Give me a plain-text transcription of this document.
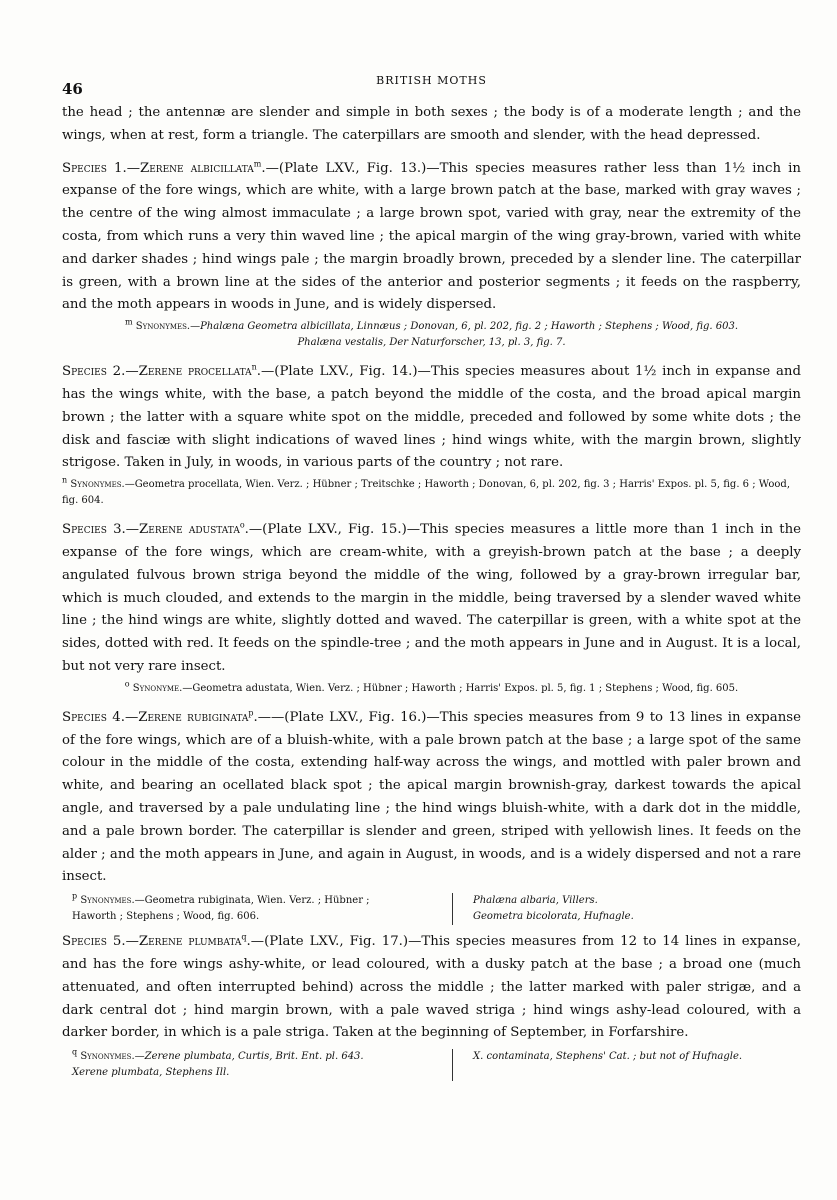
46	BRITISH MOTHS

the head ; the antennæ are slender and simple in both sexes ; the body is of a moderate length ; and the wings, when at rest, form a triangle. The caterpillars are smooth and slender, with the head depressed.

Species 1.—Zerene albicillata$^m$.—(Plate LXV., Fig. 13.)—This species measures rather less than 1½ inch in expanse of the fore wings, which are white, with a large brown patch at the base, marked with gray waves ; the centre of the wing almost immaculate ; a large brown spot, varied with gray, near the extremity of the costa, from which runs a very thin waved line ; the apical margin of the wing gray-brown, varied with white and darker shades ; hind wings pale ; the margin broadly brown, preceded by a slender line. The caterpillar is green, with a brown line at the sides of the anterior and posterior segments ; it feeds on the raspberry, and the moth appears in woods in June, and is widely dispersed.

$^m$ Synonymes.—Phalæna Geometra albicillata, Linnæus ; Donovan, 6, pl. 202, fig. 2 ; Haworth ; Stephens ; Wood, fig. 603.
Phalæna vestalis, Der Naturforscher, 13, pl. 3, fig. 7.

Species 2.—Zerene procellata$^n$.—(Plate LXV., Fig. 14.)—This species measures about 1½ inch in expanse and has the wings white, with the base, a patch beyond the middle of the costa, and the broad apical margin brown ; the latter with a square white spot on the middle, preceded and followed by some white dots ; the disk and fasciæ with slight indications of waved lines ; hind wings white, with the margin brown, slightly strigose. Taken in July, in woods, in various parts of the country ; not rare.

$^n$ Synonymes.—Geometra procellata, Wien. Verz. ; Hübner ; Treitschke ; Haworth ; Donovan, 6, pl. 202, fig. 3 ; Harris' Expos. pl. 5, fig. 6 ; Wood, fig. 604.

Species 3.—Zerene adustata$^o$.—(Plate LXV., Fig. 15.)—This species measures a little more than 1 inch in the expanse of the fore wings, which are cream-white, with a greyish-brown patch at the base ; a deeply angulated fulvous brown striga beyond the middle of the wing, followed by a gray-brown irregular bar, which is much clouded, and extends to the margin in the middle, being traversed by a slender waved white line ; the hind wings are white, slightly dotted and waved. The caterpillar is green, with a white spot at the sides, dotted with red. It feeds on the spindle-tree ; and the moth appears in June and in August. It is a local, but not very rare insect.

$^o$ Synonyme.—Geometra adustata, Wien. Verz. ; Hübner ; Haworth ; Harris' Expos. pl. 5, fig. 1 ; Stephens ; Wood, fig. 605.

Species 4.—Zerene rubiginata$^p$.——(Plate LXV., Fig. 16.)—This species measures from 9 to 13 lines in expanse of the fore wings, which are of a bluish-white, with a pale brown patch at the base ; a large spot of the same colour in the middle of the costa, extending half-way across the wings, and mottled with paler brown and white, and bearing an ocellated black spot ; the apical margin brownish-gray, darkest towards the apical angle, and traversed by a pale undulating line ; the hind wings bluish-white, with a dark dot in the middle, and a pale brown border. The caterpillar is slender and green, striped with yellowish lines. It feeds on the alder ; and the moth appears in June, and again in August, in woods, and is a widely dispersed and not a rare insect.

$^p$ Synonymes.—Geometra rubiginata, Wien. Verz. ; Hübner ;
Haworth ; Stephens ; Wood, fig. 606.
Phalæna albaria, Villers.
Geometra bicolorata, Hufnagle.

Species 5.—Zerene plumbata$^q$.—(Plate LXV., Fig. 17.)—This species measures from 12 to 14 lines in expanse, and has the fore wings ashy-white, or lead coloured, with a dusky patch at the base ; a broad one (much attenuated, and often interrupted behind) across the middle ; the latter marked with paler strigæ, and a dark central dot ; hind margin brown, with a pale waved striga ; hind wings ashy-lead coloured, with a darker border, in which is a pale striga. Taken at the beginning of September, in Forfarshire.

$^q$ Synonymes.—Zerene plumbata, Curtis, Brit. Ent. pl. 643.
Xerene plumbata, Stephens Ill.
X. contaminata, Stephens' Cat. ; but not of Hufnagle.
